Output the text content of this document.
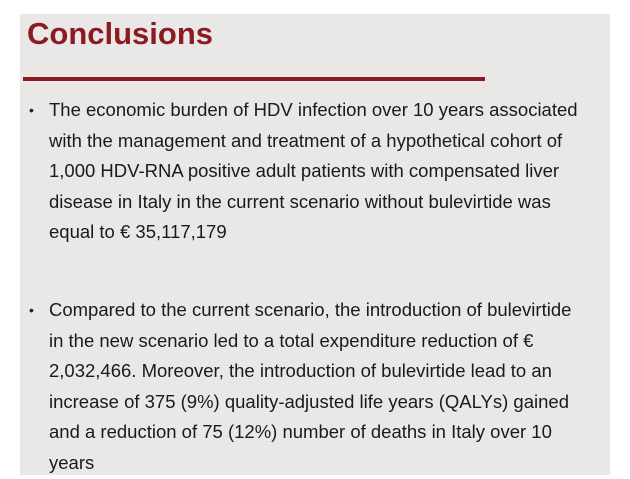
Conclusions
• The economic burden of HDV infection over 10 years associated
with the management and treatment of a hypothetical cohort of
1,000 HDV-RNA positive adult patients with compensated liver
disease in Italy in the current scenario without bulevirtide was
equal to € 35,117,179

• Compared to the current scenario, the introduction of bulevirtide
in the new scenario led to a total expenditure reduction of €
2,032,466. Moreover, the introduction of bulevirtide lead to an
increase of 375 (9%) quality-adjusted life years (QALYs) gained
and a reduction of 75 (12%) number of deaths in Italy over 10
years
